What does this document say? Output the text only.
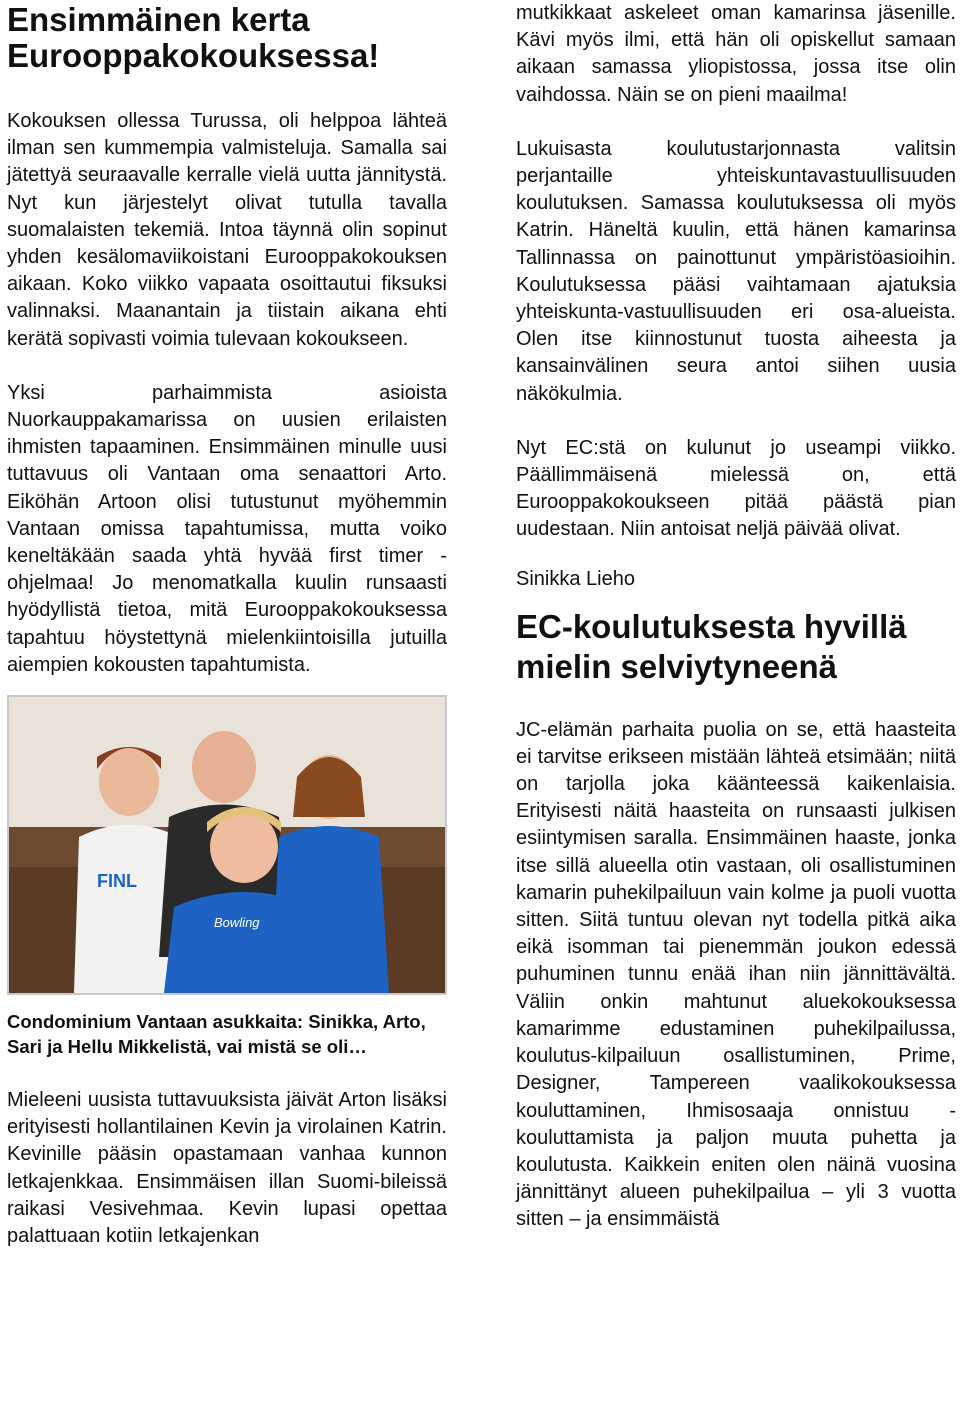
Ensimmäinen kerta Eurooppakokouksessa!

Kokouksen ollessa Turussa, oli helppoa lähteä ilman sen kummempia valmisteluja. Samalla sai jätettyä seuraavalle kerralle vielä uutta jännitystä. Nyt kun järjestelyt olivat tutulla tavalla suomalaisten tekemiä. Intoa täynnä olin sopinut yhden kesälomaviikoistani Eurooppakokouksen aikaan. Koko viikko vapaata osoittautui fiksuksi valinnaksi. Maanantain ja tiistain aikana ehti kerätä sopivasti voimia tulevaan kokoukseen.

Yksi parhaimmista asioista Nuorkauppakamarissa on uusien erilaisten ihmisten tapaaminen. Ensimmäinen minulle uusi tuttavuus oli Vantaan oma senaattori Arto. Eiköhän Artoon olisi tutustunut myöhemmin Vantaan omissa tapahtumissa, mutta voiko keneltäkään saada yhtä hyvää first timer -ohjelmaa! Jo menomatkalla kuulin runsaasti hyödyllistä tietoa, mitä Eurooppakokouksessa tapahtuu höystettynä mielenkiintoisilla jutuilla aiempien kokousten tapahtumista.

FINL
Bowling

Condominium Vantaan asukkaita: Sinikka, Arto, Sari ja Hellu Mikkelistä, vai mistä se oli…

Mieleeni uusista tuttavuuksista jäivät Arton lisäksi erityisesti hollantilainen Kevin ja virolainen Katrin. Kevinille pääsin opastamaan vanhaa kunnon letkajenkkaa. Ensimmäisen illan Suomi-bileissä raikasi Vesivehmaa. Kevin lupasi opettaa palattuaan kotiin letkajenkan

mutkikkaat askeleet oman kamarinsa jäsenille. Kävi myös ilmi, että hän oli opiskellut samaan aikaan samassa yliopistossa, jossa itse olin vaihdossa. Näin se on pieni maailma!

Lukuisasta koulutustarjonnasta valitsin perjantaille yhteiskuntavastuullisuuden koulutuksen. Samassa koulutuksessa oli myös Katrin. Häneltä kuulin, että hänen kamarinsa Tallinnassa on painottunut ympäristöasioihin. Koulutuksessa pääsi vaihtamaan ajatuksia yhteiskunta-vastuullisuuden eri osa-alueista. Olen itse kiinnostunut tuosta aiheesta ja kansainvälinen seura antoi siihen uusia näkökulmia.

Nyt EC:stä on kulunut jo useampi viikko. Päällimmäisenä mielessä on, että Eurooppakokoukseen pitää päästä pian uudestaan. Niin antoisat neljä päivää olivat.

Sinikka Lieho

EC-koulutuksesta hyvillä mielin selviytyneenä

JC-elämän parhaita puolia on se, että haasteita ei tarvitse erikseen mistään lähteä etsimään; niitä on tarjolla joka käänteessä kaikenlaisia. Erityisesti näitä haasteita on runsaasti julkisen esiintymisen saralla. Ensimmäinen haaste, jonka itse sillä alueella otin vastaan, oli osallistuminen kamarin puhekilpailuun vain kolme ja puoli vuotta sitten. Siitä tuntuu olevan nyt todella pitkä aika eikä isomman tai pienemmän joukon edessä puhuminen tunnu enää ihan niin jännittävältä. Väliin onkin mahtunut aluekokouksessa kamarimme edustaminen puhekilpailussa, koulutus-kilpailuun osallistuminen, Prime, Designer, Tampereen vaalikokouksessa kouluttaminen, Ihmisosaaja onnistuu - kouluttamista ja paljon muuta puhetta ja koulutusta. Kaikkein eniten olen näinä vuosina jännittänyt alueen puhekilpailua – yli 3 vuotta sitten – ja ensimmäistä
